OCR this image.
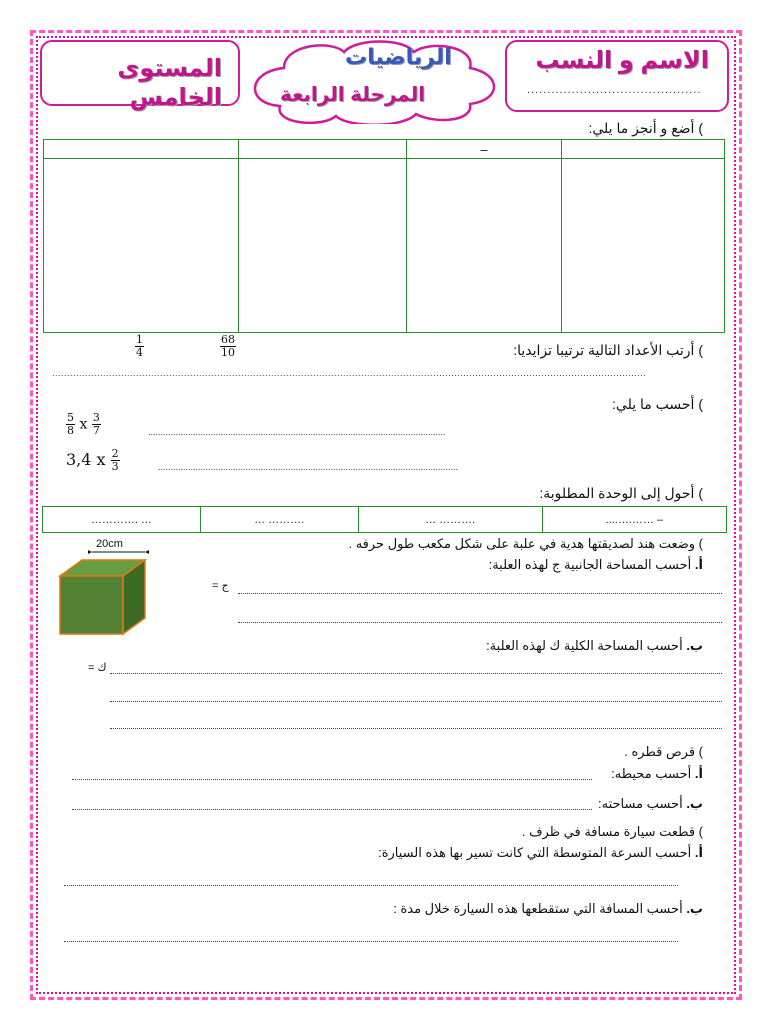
الاسم و النسب
...........................................
المستوى الخامس
الرياضيات
المرحلة الرابعة
) أضع و أنجز ما يلي:
		–	

) أرتب الأعداد التالية ترتيبا تزايديا:
$\frac{1}{4}$	$\frac{68}{10}$
......................................................................................................................................................................................................
) أحسب ما يلي:
$\frac{5}{8}$ x $\frac{3}{7}$	.......................................................................................................................
3,4 x $\frac{2}{3}$	........................................................................................................................
) أحول إلى الوحدة المطلوبة:
…………. …	… ……….	… ……….	– …….…....
) وضعت هند لصديقتها هدية في علبة على شكل مكعب طول حرفه .
20cm
أ. أحسب المساحة الجانبية ج لهذه العلبة:
ج =
ب. أحسب المساحة الكلية ك لهذه العلبة:
ك =
) قرص قطره .
أ. أحسب محيطه:
ب. أحسب مساحته:
) قطعت سيارة مسافة في ظرف .
أ. أحسب السرعة المتوسطة التي كانت تسير بها هذه السيارة:
ب. أحسب المسافة التي ستقطعها هذه السيارة خلال مدة :
